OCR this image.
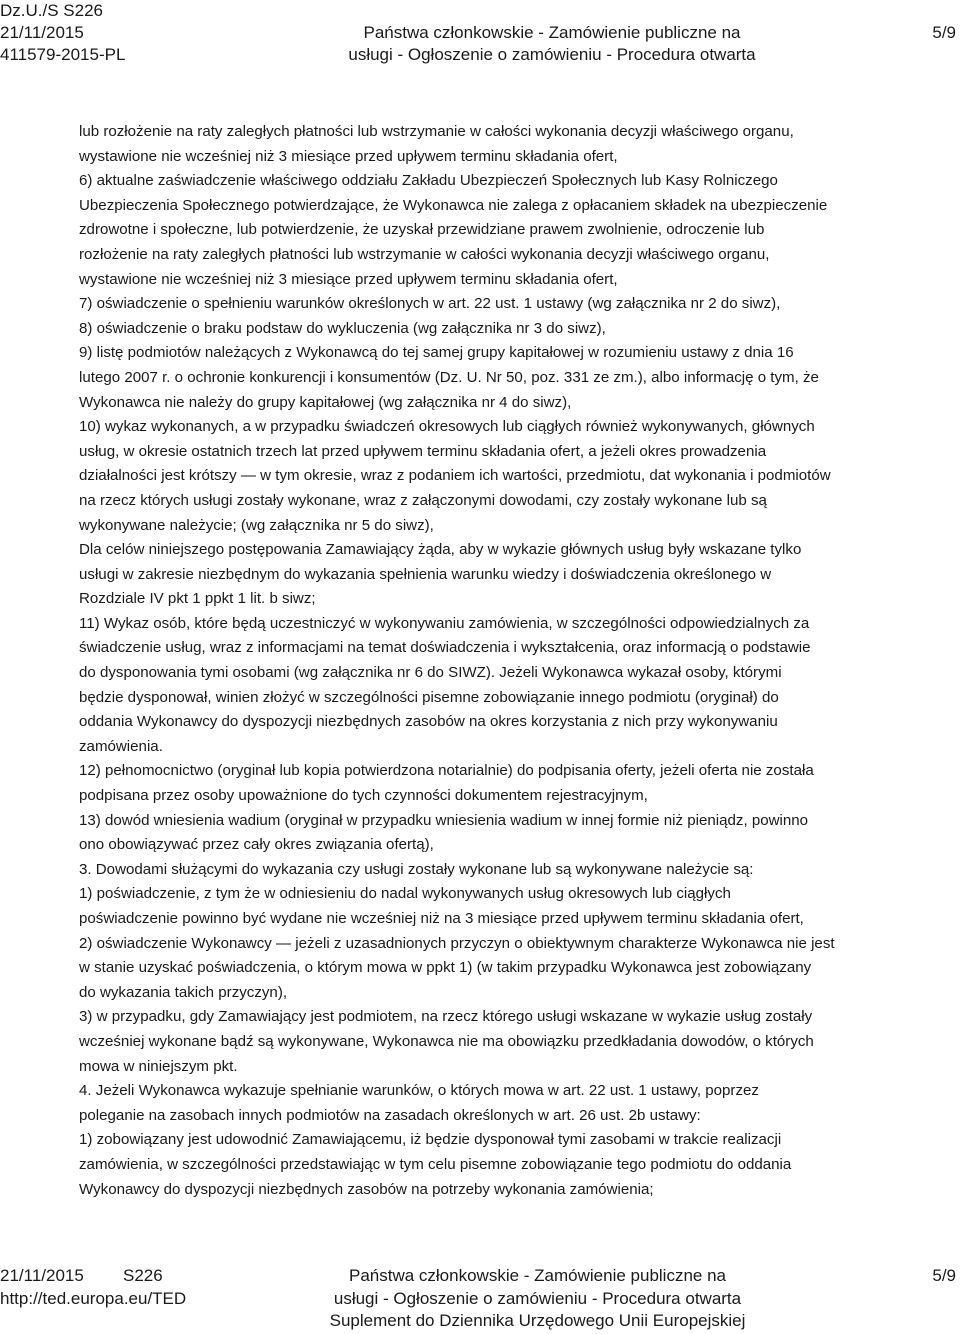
Dz.U./S S226
21/11/2015
411579-2015-PL
Państwa członkowskie - Zamówienie publiczne na
usługi - Ogłoszenie o zamówieniu - Procedura otwarta
5/9
lub rozłożenie na raty zaległych płatności lub wstrzymanie w całości wykonania decyzji właściwego organu,
wystawione nie wcześniej niż 3 miesiące przed upływem terminu składania ofert,
6) aktualne zaświadczenie właściwego oddziału Zakładu Ubezpieczeń Społecznych lub Kasy Rolniczego
Ubezpieczenia Społecznego potwierdzające, że Wykonawca nie zalega z opłacaniem składek na ubezpieczenie
zdrowotne i społeczne, lub potwierdzenie, że uzyskał przewidziane prawem zwolnienie, odroczenie lub
rozłożenie na raty zaległych płatności lub wstrzymanie w całości wykonania decyzji właściwego organu,
wystawione nie wcześniej niż 3 miesiące przed upływem terminu składania ofert,
7) oświadczenie o spełnieniu warunków określonych w art. 22 ust. 1 ustawy (wg załącznika nr 2 do siwz),
8) oświadczenie o braku podstaw do wykluczenia (wg załącznika nr 3 do siwz),
9) listę podmiotów należących z Wykonawcą do tej samej grupy kapitałowej w rozumieniu ustawy z dnia 16
lutego 2007 r. o ochronie konkurencji i konsumentów (Dz. U. Nr 50, poz. 331 ze zm.), albo informację o tym, że
Wykonawca nie należy do grupy kapitałowej (wg załącznika nr 4 do siwz),
10) wykaz wykonanych, a w przypadku świadczeń okresowych lub ciągłych również wykonywanych, głównych
usług, w okresie ostatnich trzech lat przed upływem terminu składania ofert, a jeżeli okres prowadzenia
działalności jest krótszy — w tym okresie, wraz z podaniem ich wartości, przedmiotu, dat wykonania i podmiotów
na rzecz których usługi zostały wykonane, wraz z załączonymi dowodami, czy zostały wykonane lub są
wykonywane należycie; (wg załącznika nr 5 do siwz),
Dla celów niniejszego postępowania Zamawiający żąda, aby w wykazie głównych usług były wskazane tylko
usługi w zakresie niezbędnym do wykazania spełnienia warunku wiedzy i doświadczenia określonego w
Rozdziale IV pkt 1 ppkt 1 lit. b siwz;
11) Wykaz osób, które będą uczestniczyć w wykonywaniu zamówienia, w szczególności odpowiedzialnych za
świadczenie usług, wraz z informacjami na temat doświadczenia i wykształcenia, oraz informacją o podstawie
do dysponowania tymi osobami (wg załącznika nr 6 do SIWZ). Jeżeli Wykonawca wykazał osoby, którymi
będzie dysponował, winien złożyć w szczególności pisemne zobowiązanie innego podmiotu (oryginał) do
oddania Wykonawcy do dyspozycji niezbędnych zasobów na okres korzystania z nich przy wykonywaniu
zamówienia.
12) pełnomocnictwo (oryginał lub kopia potwierdzona notarialnie) do podpisania oferty, jeżeli oferta nie została
podpisana przez osoby upoważnione do tych czynności dokumentem rejestracyjnym,
13) dowód wniesienia wadium (oryginał w przypadku wniesienia wadium w innej formie niż pieniądz, powinno
ono obowiązywać przez cały okres związania ofertą),
3. Dowodami służącymi do wykazania czy usługi zostały wykonane lub są wykonywane należycie są:
1) poświadczenie, z tym że w odniesieniu do nadal wykonywanych usług okresowych lub ciągłych
poświadczenie powinno być wydane nie wcześniej niż na 3 miesiące przed upływem terminu składania ofert,
2) oświadczenie Wykonawcy — jeżeli z uzasadnionych przyczyn o obiektywnym charakterze Wykonawca nie jest
w stanie uzyskać poświadczenia, o którym mowa w ppkt 1) (w takim przypadku Wykonawca jest zobowiązany
do wykazania takich przyczyn),
3) w przypadku, gdy Zamawiający jest podmiotem, na rzecz którego usługi wskazane w wykazie usług zostały
wcześniej wykonane bądź są wykonywane, Wykonawca nie ma obowiązku przedkładania dowodów, o których
mowa w niniejszym pkt.
4. Jeżeli Wykonawca wykazuje spełnianie warunków, o których mowa w art. 22 ust. 1 ustawy, poprzez
poleganie na zasobach innych podmiotów na zasadach określonych w art. 26 ust. 2b ustawy:
1) zobowiązany jest udowodnić Zamawiającemu, iż będzie dysponował tymi zasobami w trakcie realizacji
zamówienia, w szczególności przedstawiając w tym celu pisemne zobowiązanie tego podmiotu do oddania
Wykonawcy do dyspozycji niezbędnych zasobów na potrzeby wykonania zamówienia;
21/11/2015	S226
http://ted.europa.eu/TED
Państwa członkowskie - Zamówienie publiczne na
usługi - Ogłoszenie o zamówieniu - Procedura otwarta
Suplement do Dziennika Urzędowego Unii Europejskiej
5/9
